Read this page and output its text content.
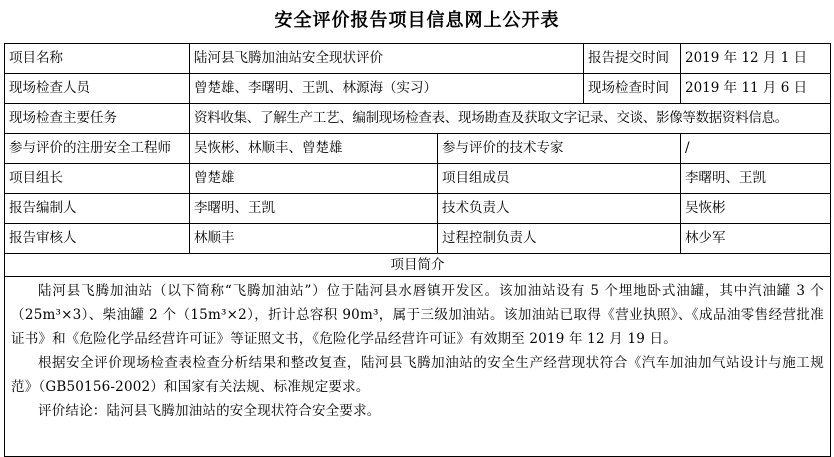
安全评价报告项目信息网上公开表
项目名称	陆河县飞腾加油站安全现状评价		报告提交时间	2019 年 12 月 1 日
现场检查人员	曾楚雄、李曙明、王凯、林源海（实习）		现场检查时间	2019 年 11 月 6 日
现场检查主要任务	资料收集、了解生产工艺、编制现场检查表、现场勘查及获取文字记录、交谈、影像等数据资料信息。			
参与评价的注册安全工程师	吴恢彬、林顺丰、曾楚雄	参与评价的技术专家		/
项目组长	曾楚雄	项目组成员		李曙明、王凯
报告编制人	李曙明、王凯	技术负责人		吴恢彬
报告审核人	林顺丰	过程控制负责人		林少军
项目简介				

陆河县飞腾加油站（以下简称“飞腾加油站”）位于陆河县水唇镇开发区。该加油站设有 5 个埋地卧式油罐，其中汽油罐 3 个（25m³×3）、柴油罐 2 个（15m³×2），折计总容积 90m³，属于三级加油站。该加油站已取得《营业执照》、《成品油零售经营批准证书》和《危险化学品经营许可证》等证照文书，《危险化学品经营许可证》有效期至 2019 年 12 月 19 日。

根据安全评价现场检查表检查分析结果和整改复查，陆河县飞腾加油站的安全生产经营现状符合《汽车加油加气站设计与施工规范》（GB50156-2002）和国家有关法规、标准规定要求。

评价结论：陆河县飞腾加油站的安全现状符合安全要求。				
